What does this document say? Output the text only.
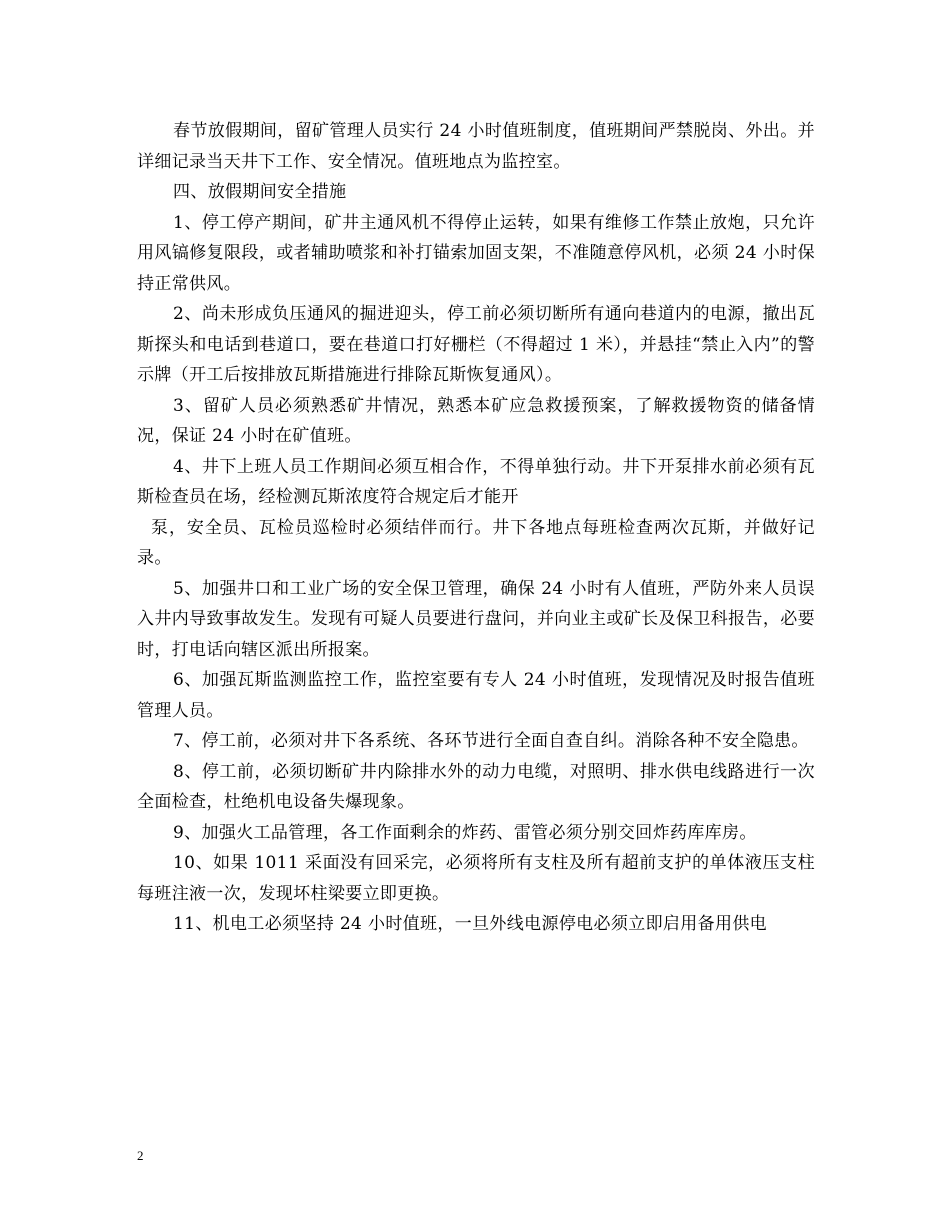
春节放假期间，留矿管理人员实行 24 小时值班制度，值班期间严禁脱岗、外出。并详细记录当天井下工作、安全情况。值班地点为监控室。

四、放假期间安全措施

1、停工停产期间，矿井主通风机不得停止运转，如果有维修工作禁止放炮，只允许用风镐修复限段，或者辅助喷浆和补打锚索加固支架，不准随意停风机，必须 24 小时保持正常供风。

2、尚未形成负压通风的掘进迎头，停工前必须切断所有通向巷道内的电源，撤出瓦斯探头和电话到巷道口，要在巷道口打好栅栏（不得超过 1 米），并悬挂“禁止入内”的警示牌（开工后按排放瓦斯措施进行排除瓦斯恢复通风）。

3、留矿人员必须熟悉矿井情况，熟悉本矿应急救援预案，了解救援物资的储备情况，保证 24 小时在矿值班。

4、井下上班人员工作期间必须互相合作，不得单独行动。井下开泵排水前必须有瓦斯检查员在场，经检测瓦斯浓度符合规定后才能开

泵，安全员、瓦检员巡检时必须结伴而行。井下各地点每班检查两次瓦斯，并做好记录。

5、加强井口和工业广场的安全保卫管理，确保 24 小时有人值班，严防外来人员误入井内导致事故发生。发现有可疑人员要进行盘问，并向业主或矿长及保卫科报告，必要时，打电话向辖区派出所报案。

6、加强瓦斯监测监控工作，监控室要有专人 24 小时值班，发现情况及时报告值班管理人员。

7、停工前，必须对井下各系统、各环节进行全面自查自纠。消除各种不安全隐患。

8、停工前，必须切断矿井内除排水外的动力电缆，对照明、排水供电线路进行一次全面检查，杜绝机电设备失爆现象。

9、加强火工品管理，各工作面剩余的炸药、雷管必须分别交回炸药库库房。

10、如果 1011 采面没有回采完，必须将所有支柱及所有超前支护的单体液压支柱每班注液一次，发现坏柱梁要立即更换。

11、机电工必须坚持 24 小时值班，一旦外线电源停电必须立即启用备用供电

2
